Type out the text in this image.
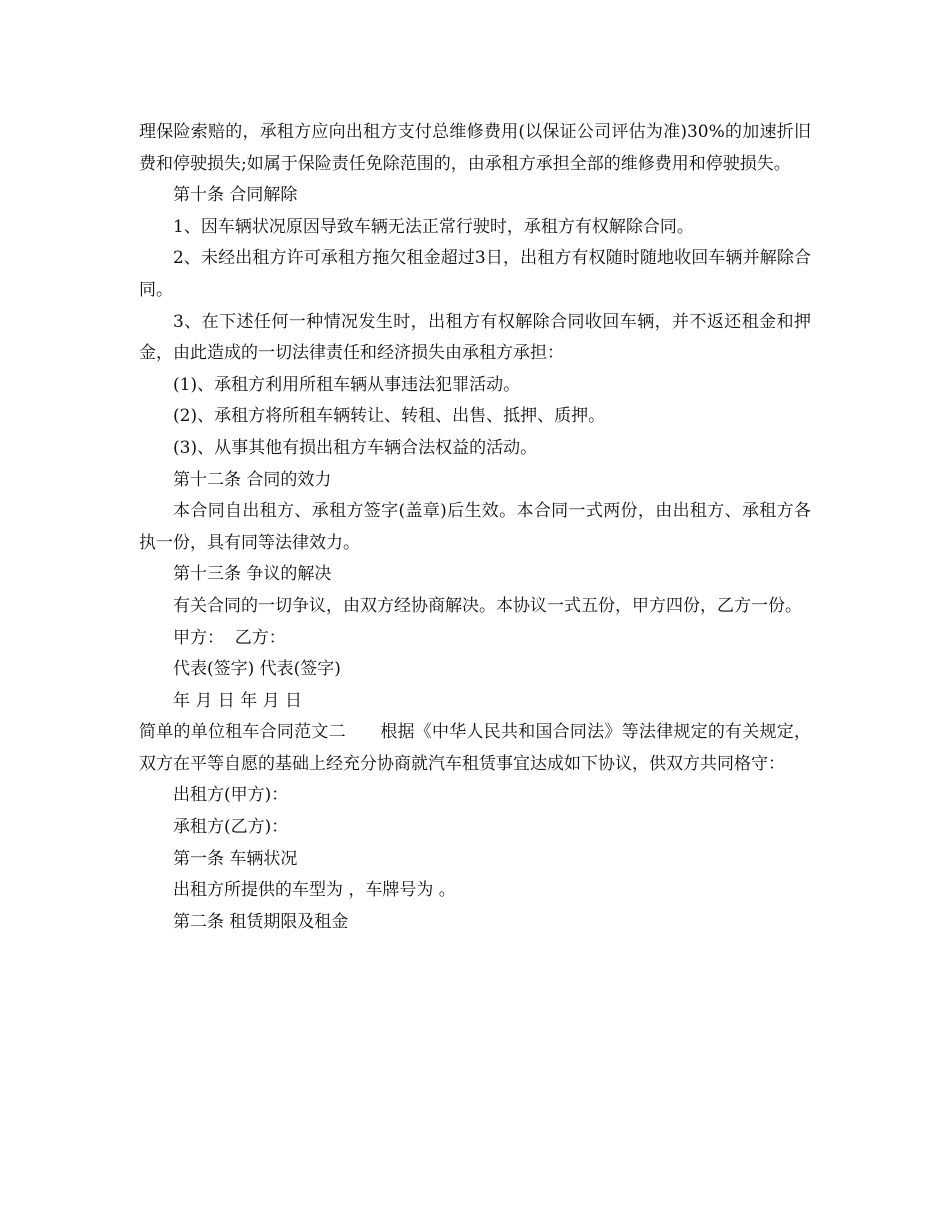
理保险索赔的，承租方应向出租方支付总维修费用(以保证公司评估为准)30%的加速折旧费和停驶损失;如属于保险责任免除范围的，由承租方承担全部的维修费用和停驶损失。

第十条 合同解除

1、因车辆状况原因导致车辆无法正常行驶时，承租方有权解除合同。

2、未经出租方许可承租方拖欠租金超过3日，出租方有权随时随地收回车辆并解除合同。

3、在下述任何一种情况发生时，出租方有权解除合同收回车辆，并不返还租金和押金，由此造成的一切法律责任和经济损失由承租方承担：

(1)、承租方利用所租车辆从事违法犯罪活动。

(2)、承租方将所租车辆转让、转租、出售、抵押、质押。

(3)、从事其他有损出租方车辆合法权益的活动。

第十二条 合同的效力

本合同自出租方、承租方签字(盖章)后生效。本合同一式两份，由出租方、承租方各执一份，具有同等法律效力。

第十三条 争议的解决

有关合同的一切争议，由双方经协商解决。本协议一式五份，甲方四份，乙方一份。

甲方：  乙方：

代表(签字) 代表(签字)

年 月 日 年 月 日

简单的单位租车合同范文二　　根据《中华人民共和国合同法》等法律规定的有关规定，双方在平等自愿的基础上经充分协商就汽车租赁事宜达成如下协议，供双方共同格守：

出租方(甲方)：

承租方(乙方)：

第一条 车辆状况

出租方所提供的车型为 ，车牌号为 。

第二条 租赁期限及租金
